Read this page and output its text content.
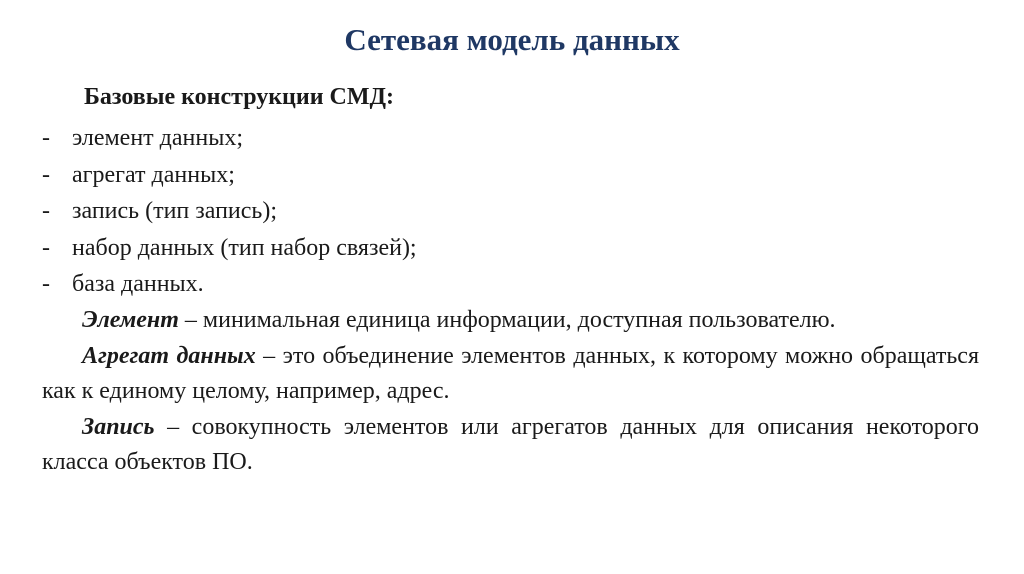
Сетевая модель данных
Базовые конструкции СМД:
- элемент данных;
- агрегат данных;
- запись (тип запись);
- набор данных (тип набор связей);
- база данных.

Элемент – минимальная единица информации, доступная пользователю.

Агрегат данных – это объединение элементов данных, к которому можно обращаться как к единому целому, например, адрес.

Запись – совокупность элементов или агрегатов данных для описания некоторого класса объектов ПО.
